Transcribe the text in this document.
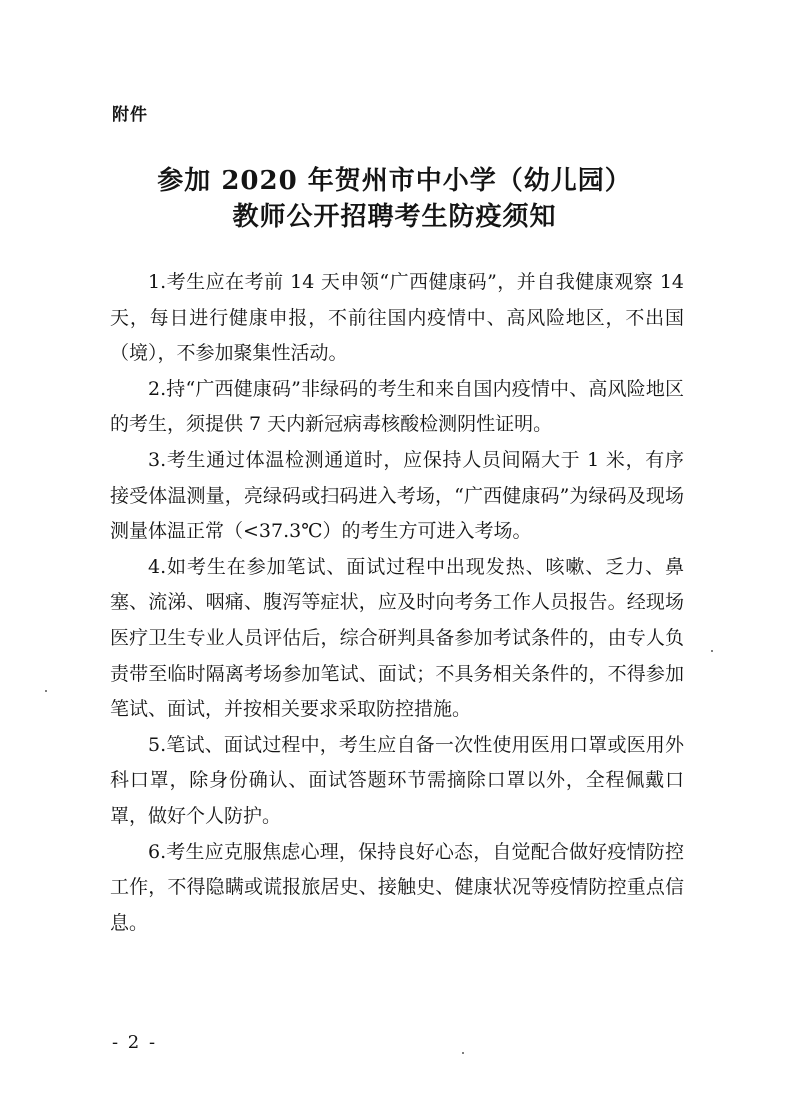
附件
参加 2020 年贺州市中小学（幼儿园）
教师公开招聘考生防疫须知

1.考生应在考前 14 天申领“广西健康码”，并自我健康观察 14 天，每日进行健康申报，不前往国内疫情中、高风险地区，不出国（境），不参加聚集性活动。

2.持“广西健康码”非绿码的考生和来自国内疫情中、高风险地区的考生，须提供 7 天内新冠病毒核酸检测阴性证明。

3.考生通过体温检测通道时，应保持人员间隔大于 1 米，有序接受体温测量，亮绿码或扫码进入考场，“广西健康码”为绿码及现场测量体温正常（<37.3℃）的考生方可进入考场。

4.如考生在参加笔试、面试过程中出现发热、咳嗽、乏力、鼻塞、流涕、咽痛、腹泻等症状，应及时向考务工作人员报告。经现场医疗卫生专业人员评估后，综合研判具备参加考试条件的，由专人负责带至临时隔离考场参加笔试、面试；不具务相关条件的，不得参加笔试、面试，并按相关要求采取防控措施。

5.笔试、面试过程中，考生应自备一次性使用医用口罩或医用外科口罩，除身份确认、面试答题环节需摘除口罩以外，全程佩戴口罩，做好个人防护。

6.考生应克服焦虑心理，保持良好心态，自觉配合做好疫情防控工作，不得隐瞒或谎报旅居史、接触史、健康状况等疫情防控重点信息。

- 2 -
